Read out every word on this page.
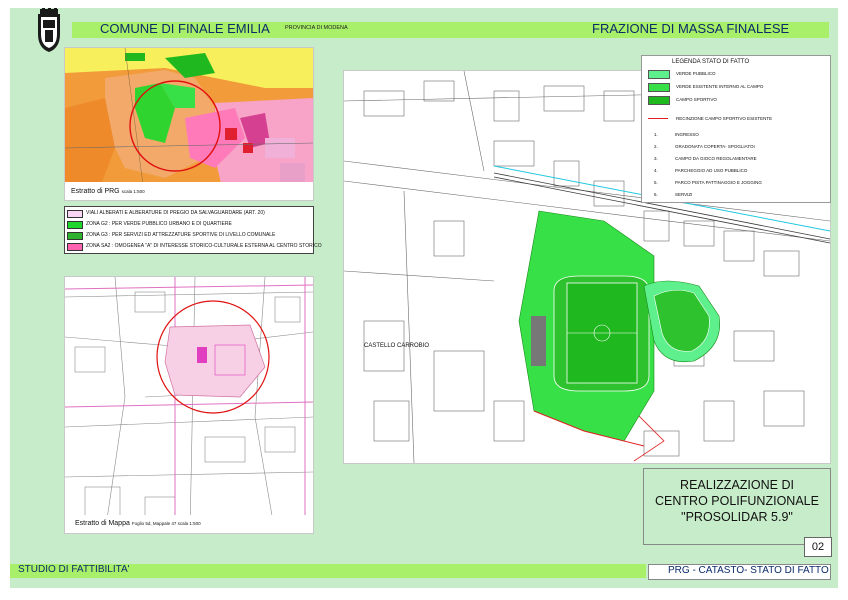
COMUNE DI FINALE EMILIA	PROVINCIA DI MODENA	FRAZIONE DI MASSA FINALESE
Estratto di PRG scala 1:500
VIALI ALBERATI E ALBERATURE DI PREGIO DA SALVAGUARDARE (ART. 20)
ZONA G2 : PER VERDE PUBBLICO URBANO E DI QUARTIERE
ZONA G3 : PER SERVIZI ED ATTREZZATURE SPORTIVE DI LIVELLO COMUNALE
ZONA SA2 : OMOGENEA "A" DI INTERESSE STORICO-CULTURALE ESTERNA AL CENTRO STORICO
Estratto di Mappa Foglio 5d, Mappale 47 scala 1:500
CASTELLO CARROBIO
LEGENDA STATO DI FATTO
VERDE PUBBLICO
VERDE ESISTENTE INTERNO AL CAMPO
CAMPO SPORTIVO
RECINZIONE CAMPO SPORTIVO ESISTENTE
1.	INGRESSO
2.	GRADONATA COPERTA- SPOGLIATOI
3.	CAMPO DA GIOCO REGOLAMENTARE
4.	PARCHEGGIO AD USO PUBBLICO
5.	PARCO PISTA PATTINAGGIO E JOGGING
6.	SERVIZI
REALIZZAZIONE DI
CENTRO POLIFUNZIONALE
"PROSOLIDAR 5.9"
02
STUDIO DI FATTIBILITA'	PRG - CATASTO- STATO DI FATTO
